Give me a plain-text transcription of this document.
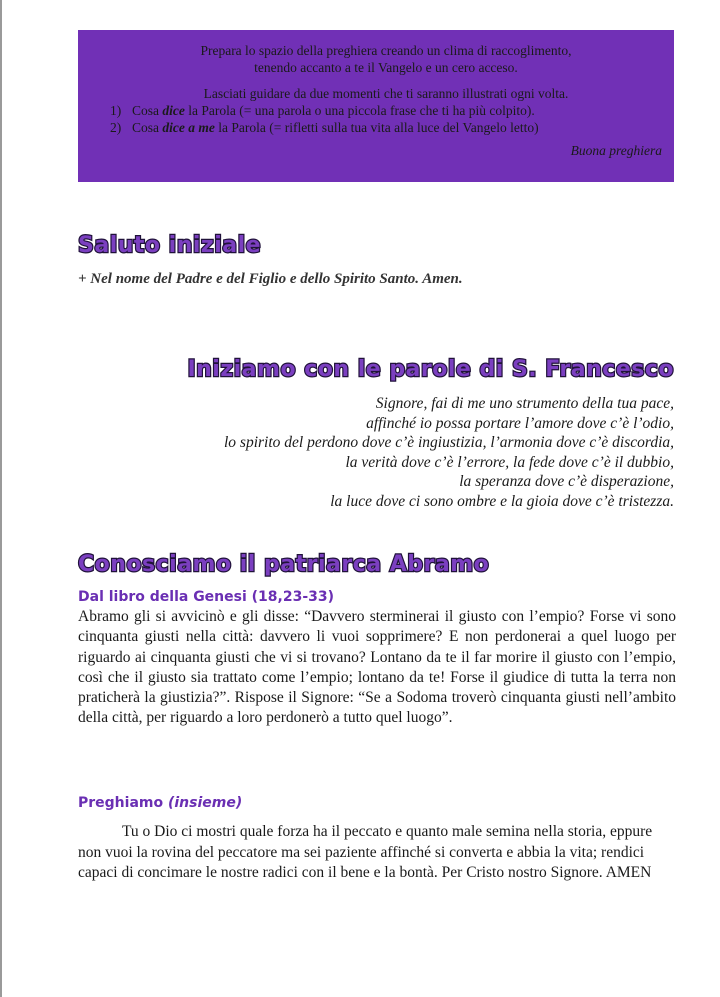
Prepara lo spazio della preghiera creando un clima di raccoglimento,
tenendo accanto a te il Vangelo e un cero acceso.
Lasciati guidare da due momenti che ti saranno illustrati ogni volta.
1) Cosa dice la Parola (= una parola o una piccola frase che ti ha più colpito).
2) Cosa dice a me la Parola (= rifletti sulla tua vita alla luce del Vangelo letto)
Buona preghiera
Saluto iniziale
+ Nel nome del Padre e del Figlio e dello Spirito Santo. Amen.
Iniziamo con le parole di S. Francesco
Signore, fai di me uno strumento della tua pace,
affinché io possa portare l’amore dove c’è l’odio,
lo spirito del perdono dove c’è ingiustizia, l’armonia dove c’è discordia,
la verità dove c’è l’errore, la fede dove c’è il dubbio,
la speranza dove c’è disperazione,
la luce dove ci sono ombre e la gioia dove c’è tristezza.
Conosciamo il patriarca Abramo
Dal libro della Genesi (18,23-33)
Abramo gli si avvicinò e gli disse: “Davvero sterminerai il giusto con l’empio? Forse vi sono cinquanta giusti nella città: davvero li vuoi sopprimere? E non perdonerai a quel luogo per riguardo ai cinquanta giusti che vi si trovano? Lontano da te il far morire il giusto con l’empio, così che il giusto sia trattato come l’empio; lontano da te! Forse il giudice di tutta la terra non praticherà la giustizia?”. Rispose il Signore: “Se a Sodoma troverò cinquanta giusti nell’ambito della città, per riguardo a loro perdonerò a tutto quel luogo”.
Preghiamo (insieme)
Tu o Dio ci mostri quale forza ha il peccato e quanto male semina nella storia, eppure non vuoi la rovina del peccatore ma sei paziente affinché si converta e abbia la vita; rendici capaci di concimare le nostre radici con il bene e la bontà. Per Cristo nostro Signore. AMEN
